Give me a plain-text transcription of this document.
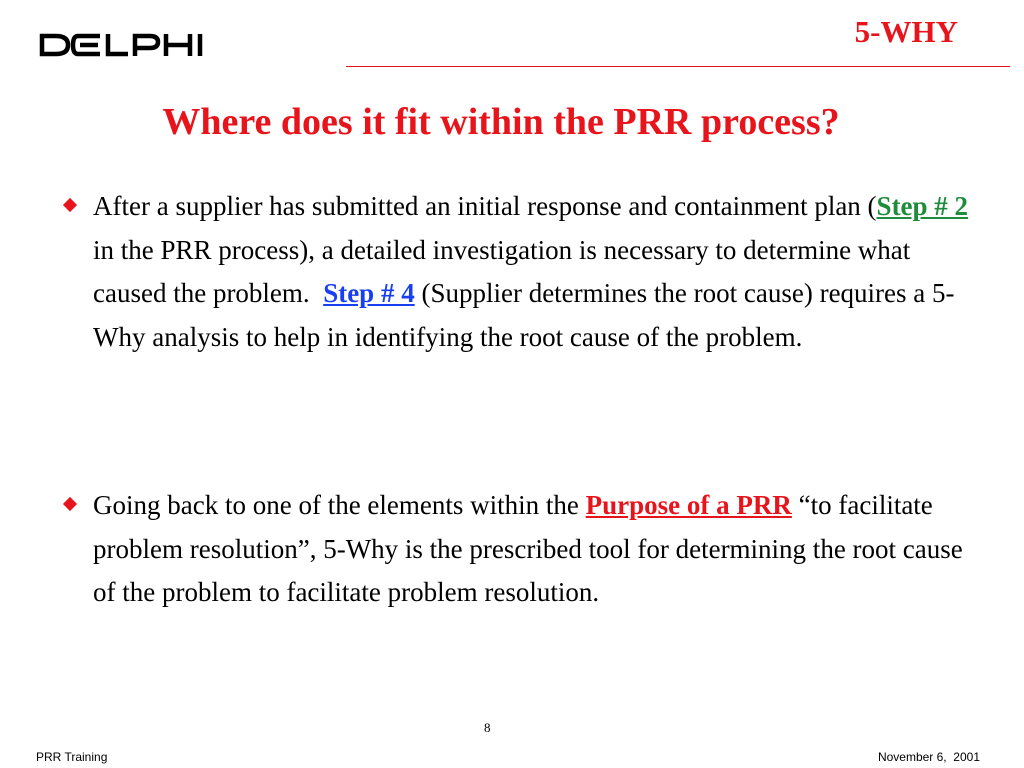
5-WHY
Where does it fit within the PRR process?
After a supplier has submitted an initial response and containment plan (Step # 2 in the PRR process), a detailed investigation is necessary to determine what caused the problem.  Step # 4 (Supplier determines the root cause) requires a 5-Why analysis to help in identifying the root cause of the problem.
Going back to one of the elements within the Purpose of a PRR “to facilitate problem resolution”, 5-Why is the prescribed tool for determining the root cause of the problem to facilitate problem resolution.
8
PRR Training	November 6,  2001
